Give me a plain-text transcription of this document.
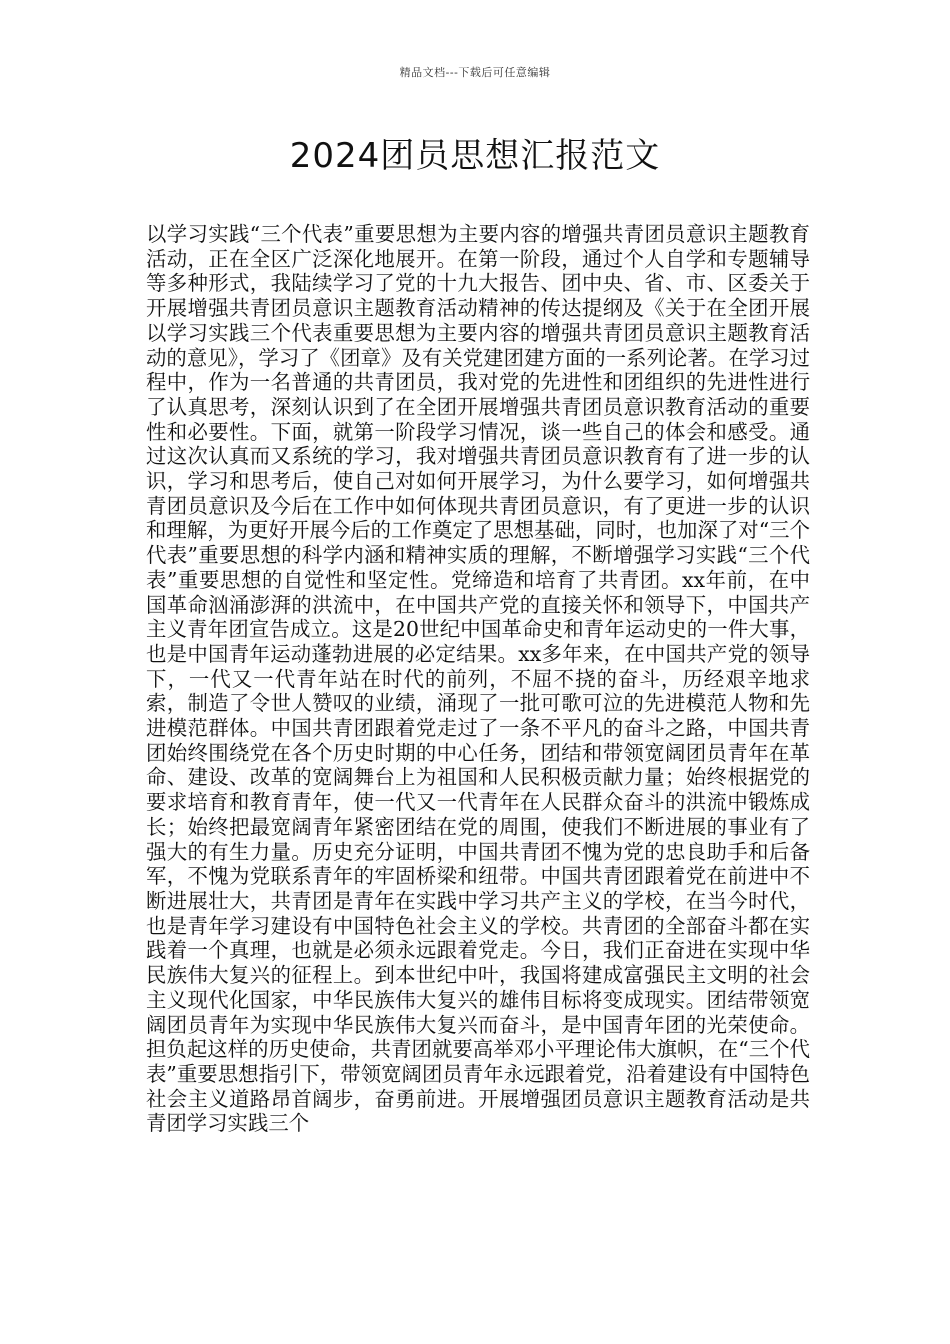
精品文档---下载后可任意编辑
2024团员思想汇报范文

以学习实践“三个代表”重要思想为主要内容的增强共青团员意识主题教育活动，正在全区广泛深化地展开。在第一阶段，通过个人自学和专题辅导等多种形式，我陆续学习了党的十九大报告、团中央、省、市、区委关于开展增强共青团员意识主题教育活动精神的传达提纲及《关于在全团开展以学习实践三个代表重要思想为主要内容的增强共青团员意识主题教育活动的意见》，学习了《团章》及有关党建团建方面的一系列论著。在学习过程中，作为一名普通的共青团员，我对党的先进性和团组织的先进性进行了认真思考，深刻认识到了在全团开展增强共青团员意识教育活动的重要性和必要性。下面，就第一阶段学习情况，谈一些自己的体会和感受。通过这次认真而又系统的学习，我对增强共青团员意识教育有了进一步的认识，学习和思考后，使自己对如何开展学习，为什么要学习，如何增强共青团员意识及今后在工作中如何体现共青团员意识，有了更进一步的认识和理解，为更好开展今后的工作奠定了思想基础，同时，也加深了对“三个代表”重要思想的科学内涵和精神实质的理解，不断增强学习实践“三个代表”重要思想的自觉性和坚定性。党缔造和培育了共青团。xx年前，在中国革命汹涌澎湃的洪流中，在中国共产党的直接关怀和领导下，中国共产主义青年团宣告成立。这是20世纪中国革命史和青年运动史的一件大事，也是中国青年运动蓬勃进展的必定结果。xx多年来，在中国共产党的领导下，一代又一代青年站在时代的前列，不屈不挠的奋斗，历经艰辛地求索，制造了令世人赞叹的业绩，涌现了一批可歌可泣的先进模范人物和先进模范群体。中国共青团跟着党走过了一条不平凡的奋斗之路，中国共青团始终围绕党在各个历史时期的中心任务，团结和带领宽阔团员青年在革命、建设、改革的宽阔舞台上为祖国和人民积极贡献力量；始终根据党的要求培育和教育青年，使一代又一代青年在人民群众奋斗的洪流中锻炼成长；始终把最宽阔青年紧密团结在党的周围，使我们不断进展的事业有了强大的有生力量。历史充分证明，中国共青团不愧为党的忠良助手和后备军，不愧为党联系青年的牢固桥梁和纽带。中国共青团跟着党在前进中不断进展壮大，共青团是青年在实践中学习共产主义的学校，在当今时代，也是青年学习建设有中国特色社会主义的学校。共青团的全部奋斗都在实践着一个真理，也就是必须永远跟着党走。今日，我们正奋进在实现中华民族伟大复兴的征程上。到本世纪中叶，我国将建成富强民主文明的社会主义现代化国家，中华民族伟大复兴的雄伟目标将变成现实。团结带领宽阔团员青年为实现中华民族伟大复兴而奋斗，是中国青年团的光荣使命。担负起这样的历史使命，共青团就要高举邓小平理论伟大旗帜，在“三个代表”重要思想指引下，带领宽阔团员青年永远跟着党，沿着建设有中国特色社会主义道路昂首阔步，奋勇前进。开展增强团员意识主题教育活动是共青团学习实践三个
